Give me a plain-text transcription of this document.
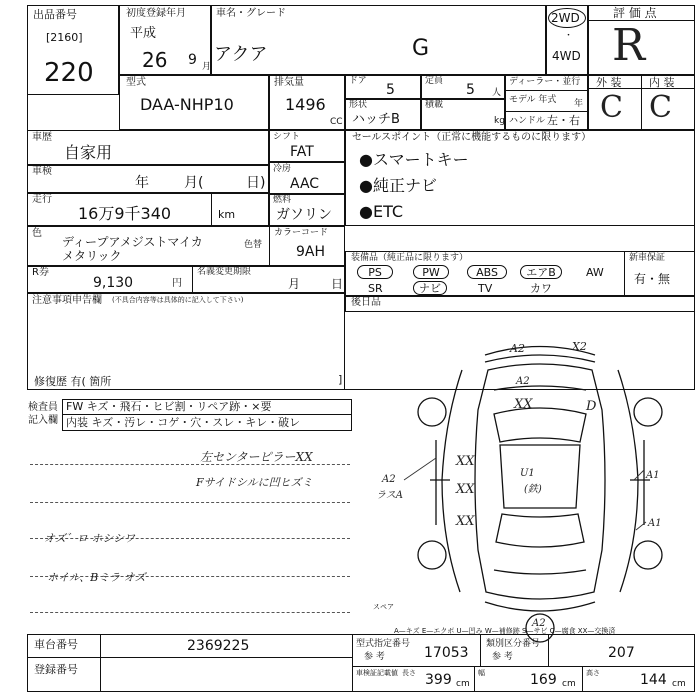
出品番号
[2160]
220
初度登録年月
平成
26 9 月
車名・グレード
アクア	G
2WD
・
4WD
評 価 点
R
外 装	内 装
C C
型式
DAA-NHP10
排気量
1496
CC
ドア
5
定員
5 人
ディーラー・並行
モデル 年式 年
kg ハンドル 左・右
形状
ハッチB
積載
車歴
自家用
車検
年	月(	日)
走行
16万9千340	km
シフト
FAT
冷房
AAC
燃料
ガソリン
セールスポイント（正常に機能するものに限ります）
●スマートキー
●純正ナビ
●ETC
色
ディープアメジストマイカ
メタリック
色替
カラーコード
9AH
R券
9,130	円
名義変更期限
月	日
装備品（純正品に限ります）
PS	PW	ABS	エアB	AW
SR	ナビ	TV	カワ
新車保証
有・無
後日品
注意事項申告欄 (不具合内容等は具体的に記入して下さい)
修復歴 有( 箇所	]
検査員
記入欄
FW キズ・飛石・ヒビ割・リペア跡・×要
内装 キズ・汚レ・コゲ・穴・スレ・キレ・破レ
左センターピラーXX
Fサイドシルに凹ヒズミ
オズ゛ロ ホシシワ
ホイル、Bミラ オズ
A2	X2
A2
XX	D
XX
XX
XX
U1
(鉄)
A2
ラスA
A1
A1
A2
スペア
A—キズ E—エクボ U—凹み W—補修跡 S—サビ C—腐食 XX—交換済
車台番号	2369225
登録番号
型式指定番号
参 考	17053
類別区分番号
参 考	207
車検証記載値 長さ 399 cm
幅	169 cm
高さ	144 cm
